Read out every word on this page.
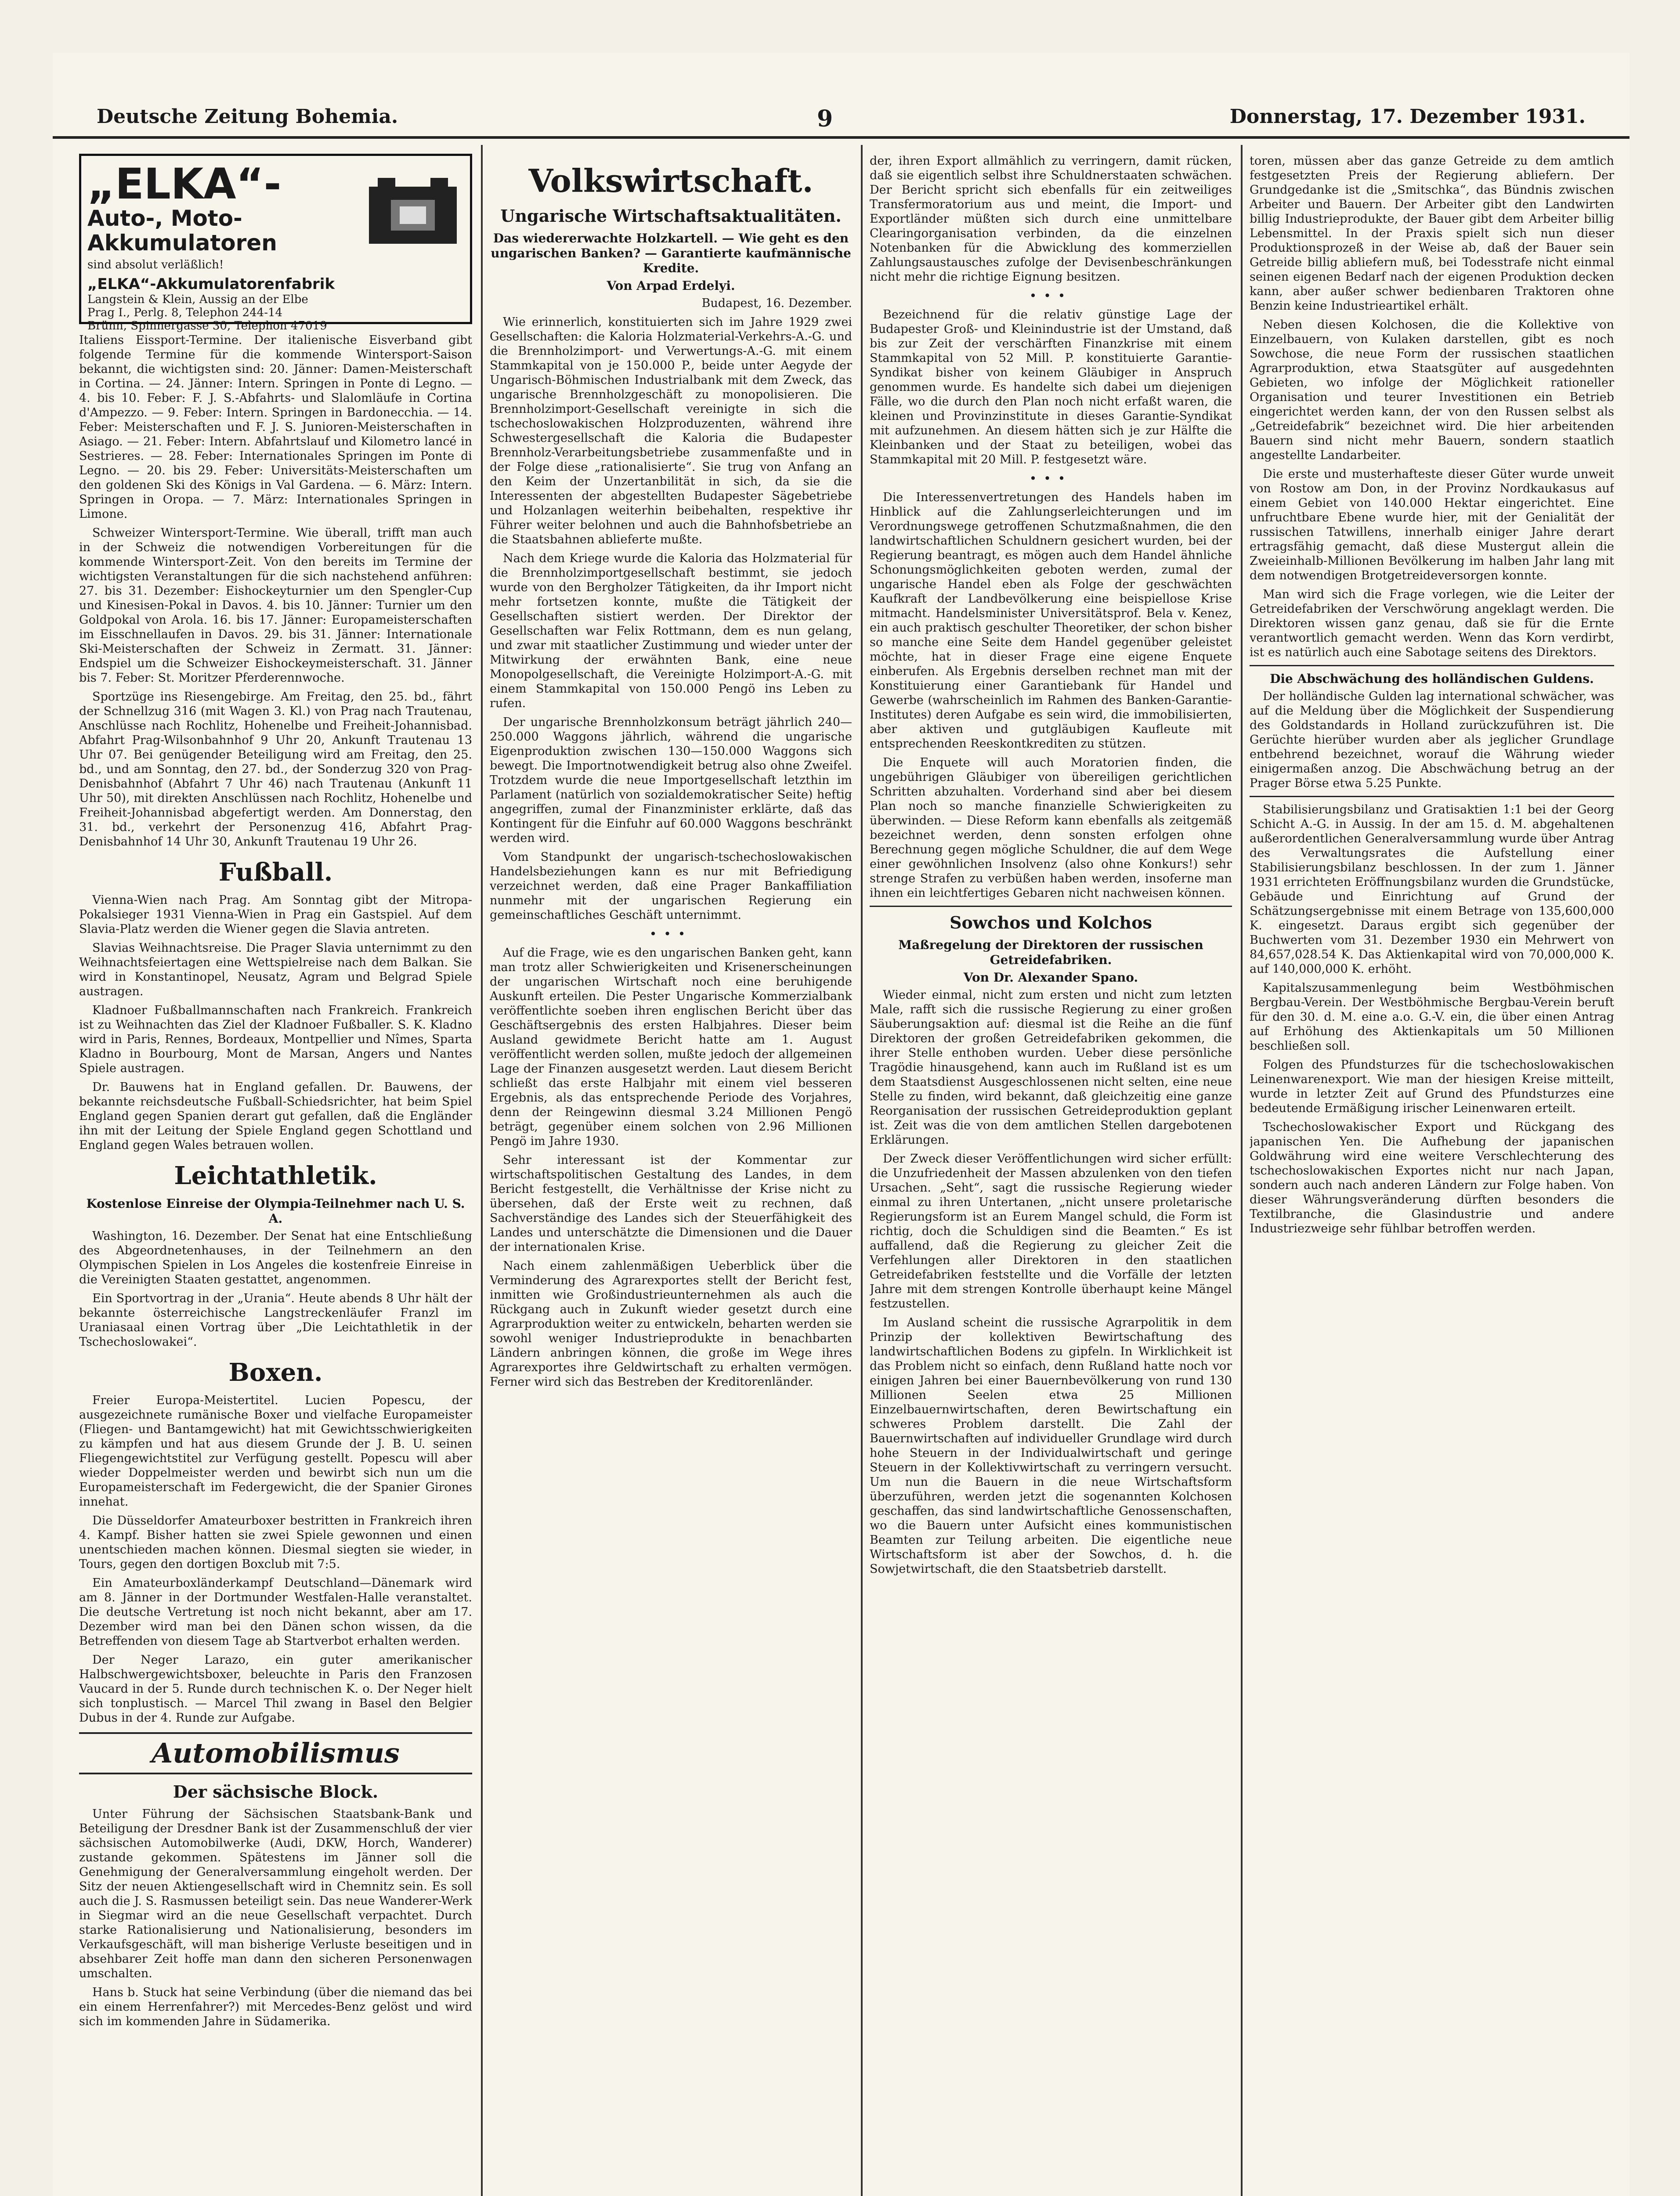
Deutsche Zeitung Bohemia.	9	Donnerstag, 17. Dezember 1931.
„ELKA“-
Auto-, Moto-
Akkumulatoren
sind absolut verläßlich!
„ELKA“-Akkumulatorenfabrik
Langstein & Klein, Aussig an der Elbe
Prag I., Perlg. 8, Telephon 244-14
Brünn, Spinnergasse 30, Telephon 47019

Italiens Eissport-Termine. Der italienische Eisverband gibt folgende Termine für die kommende Wintersport-Saison bekannt, die wichtigsten sind: 20. Jänner: Damen-Meisterschaft in Cortina. — 24. Jänner: Intern. Springen in Ponte di Legno. — 4. bis 10. Feber: F. J. S.-Abfahrts- und Slalomläufe in Cortina d'Ampezzo. — 9. Feber: Intern. Springen in Bardonecchia. — 14. Feber: Meisterschaften und F. J. S. Junioren-Meisterschaften in Asiago. — 21. Feber: Intern. Abfahrtslauf und Kilometro lancé in Sestrieres. — 28. Feber: Internationales Springen im Ponte di Legno. — 20. bis 29. Feber: Universitäts-Meisterschaften um den goldenen Ski des Königs in Val Gardena. — 6. März: Intern. Springen in Oropa. — 7. März: Internationales Springen in Limone.

Schweizer Wintersport-Termine. Wie überall, trifft man auch in der Schweiz die notwendigen Vorbereitungen für die kommende Wintersport-Zeit. Von den bereits im Termine der wichtigsten Veranstaltungen für die sich nachstehend anführen: 27. bis 31. Dezember: Eishockeyturnier um den Spengler-Cup und Kinesisen-Pokal in Davos. 4. bis 10. Jänner: Turnier um den Goldpokal von Arola. 16. bis 17. Jänner: Europameisterschaften im Eisschnellaufen in Davos. 29. bis 31. Jänner: Internationale Ski-Meisterschaften der Schweiz in Zermatt. 31. Jänner: Endspiel um die Schweizer Eishockeymeisterschaft. 31. Jänner bis 7. Feber: St. Moritzer Pferderennwoche.

Sportzüge ins Riesengebirge. Am Freitag, den 25. bd., fährt der Schnellzug 316 (mit Wagen 3. Kl.) von Prag nach Trautenau, Anschlüsse nach Rochlitz, Hohenelbe und Freiheit-Johannisbad. Abfahrt Prag-Wilsonbahnhof 9 Uhr 20, Ankunft Trautenau 13 Uhr 07. Bei genügender Beteiligung wird am Freitag, den 25. bd., und am Sonntag, den 27. bd., der Sonderzug 320 von Prag-Denisbahnhof (Abfahrt 7 Uhr 46) nach Trautenau (Ankunft 11 Uhr 50), mit direkten Anschlüssen nach Rochlitz, Hohenelbe und Freiheit-Johannisbad abgefertigt werden. Am Donnerstag, den 31. bd., verkehrt der Personenzug 416, Abfahrt Prag-Denisbahnhof 14 Uhr 30, Ankunft Trautenau 19 Uhr 26.

Fußball.

Vienna-Wien nach Prag. Am Sonntag gibt der Mitropa-Pokalsieger 1931 Vienna-Wien in Prag ein Gastspiel. Auf dem Slavia-Platz werden die Wiener gegen die Slavia antreten.

Slavias Weihnachtsreise. Die Prager Slavia unternimmt zu den Weihnachtsfeiertagen eine Wettspielreise nach dem Balkan. Sie wird in Konstantinopel, Neusatz, Agram und Belgrad Spiele austragen.

Kladnoer Fußballmannschaften nach Frankreich. Frankreich ist zu Weihnachten das Ziel der Kladnoer Fußballer. S. K. Kladno wird in Paris, Rennes, Bordeaux, Montpellier und Nîmes, Sparta Kladno in Bourbourg, Mont de Marsan, Angers und Nantes Spiele austragen.

Dr. Bauwens hat in England gefallen. Dr. Bauwens, der bekannte reichsdeutsche Fußball-Schiedsrichter, hat beim Spiel England gegen Spanien derart gut gefallen, daß die Engländer ihn mit der Leitung der Spiele England gegen Schottland und England gegen Wales betrauen wollen.

Leichtathletik.
Kostenlose Einreise der Olympia-Teilnehmer nach U. S. A.

Washington, 16. Dezember. Der Senat hat eine Entschließung des Abgeordnetenhauses, in der Teilnehmern an den Olympischen Spielen in Los Angeles die kostenfreie Einreise in die Vereinigten Staaten gestattet, angenommen.

Ein Sportvortrag in der „Urania“. Heute abends 8 Uhr hält der bekannte österreichische Langstreckenläufer Franzl im Uraniasaal einen Vortrag über „Die Leichtathletik in der Tschechoslowakei“.

Boxen.

Freier Europa-Meistertitel. Lucien Popescu, der ausgezeichnete rumänische Boxer und vielfache Europameister (Fliegen- und Bantamgewicht) hat mit Gewichtsschwierigkeiten zu kämpfen und hat aus diesem Grunde der J. B. U. seinen Fliegengewichtstitel zur Verfügung gestellt. Popescu will aber wieder Doppelmeister werden und bewirbt sich nun um die Europameisterschaft im Federgewicht, die der Spanier Girones innehat.

Die Düsseldorfer Amateurboxer bestritten in Frankreich ihren 4. Kampf. Bisher hatten sie zwei Spiele gewonnen und einen unentschieden machen können. Diesmal siegten sie wieder, in Tours, gegen den dortigen Boxclub mit 7:5.

Ein Amateurboxländerkampf Deutschland—Dänemark wird am 8. Jänner in der Dortmunder Westfalen-Halle veranstaltet. Die deutsche Vertretung ist noch nicht bekannt, aber am 17. Dezember wird man bei den Dänen schon wissen, da die Betreffenden von diesem Tage ab Startverbot erhalten werden.

Der Neger Larazo, ein guter amerikanischer Halbschwergewichtsboxer, beleuchte in Paris den Franzosen Vaucard in der 5. Runde durch technischen K. o. Der Neger hielt sich tonplustisch. — Marcel Thil zwang in Basel den Belgier Dubus in der 4. Runde zur Aufgabe.

Automobilismus
Der sächsische Block.

Unter Führung der Sächsischen Staatsbank-Bank und Beteiligung der Dresdner Bank ist der Zusammenschluß der vier sächsischen Automobilwerke (Audi, DKW, Horch, Wanderer) zustande gekommen. Spätestens im Jänner soll die Genehmigung der Generalversammlung eingeholt werden. Der Sitz der neuen Aktiengesellschaft wird in Chemnitz sein. Es soll auch die J. S. Rasmussen beteiligt sein. Das neue Wanderer-Werk in Siegmar wird an die neue Gesellschaft verpachtet. Durch starke Rationalisierung und Nationalisierung, besonders im Verkaufsgeschäft, will man bisherige Verluste beseitigen und in absehbarer Zeit hoffe man dann den sicheren Personenwagen umschalten.

Hans b. Stuck hat seine Verbindung (über die niemand das bei ein einem Herrenfahrer?) mit Mercedes-Benz gelöst und wird sich im kommenden Jahre in Südamerika.

Volkswirtschaft.
Ungarische Wirtschaftsaktualitäten.
Das wiedererwachte Holzkartell. — Wie geht es den ungarischen Banken? — Garantierte kaufmännische Kredite.
Von Arpad Erdelyi.

Budapest, 16. Dezember.

Wie erinnerlich, konstituierten sich im Jahre 1929 zwei Gesellschaften: die Kaloria Holzmaterial-Verkehrs-A.-G. und die Brennholzimport- und Verwertungs-A.-G. mit einem Stammkapital von je 150.000 P., beide unter Aegyde der Ungarisch-Böhmischen Industrialbank mit dem Zweck, das ungarische Brennholzgeschäft zu monopolisieren. Die Brennholzimport-Gesellschaft vereinigte in sich die tschechoslowakischen Holzproduzenten, während ihre Schwestergesellschaft die Kaloria die Budapester Brennholz-Verarbeitungsbetriebe zusammenfaßte und in der Folge diese „rationalisierte“. Sie trug von Anfang an den Keim der Unzertanbilität in sich, da sie die Interessenten der abgestellten Budapester Sägebetriebe und Holzanlagen weiterhin beibehalten, respektive ihr Führer weiter belohnen und auch die Bahnhofsbetriebe an die Staatsbahnen ablieferte mußte.

Nach dem Kriege wurde die Kaloria das Holzmaterial für die Brennholzimportgesellschaft bestimmt, sie jedoch wurde von den Bergholzer Tätigkeiten, da ihr Import nicht mehr fortsetzen konnte, mußte die Tätigkeit der Gesellschaften sistiert werden. Der Direktor der Gesellschaften war Felix Rottmann, dem es nun gelang, und zwar mit staatlicher Zustimmung und wieder unter der Mitwirkung der erwähnten Bank, eine neue Monopolgesellschaft, die Vereinigte Holzimport-A.-G. mit einem Stammkapital von 150.000 Pengö ins Leben zu rufen.

Der ungarische Brennholzkonsum beträgt jährlich 240—250.000 Waggons jährlich, während die ungarische Eigenproduktion zwischen 130—150.000 Waggons sich bewegt. Die Importnotwendigkeit betrug also ohne Zweifel. Trotzdem wurde die neue Importgesellschaft letzthin im Parlament (natürlich von sozialdemokratischer Seite) heftig angegriffen, zumal der Finanzminister erklärte, daß das Kontingent für die Einfuhr auf 60.000 Waggons beschränkt werden wird.

Vom Standpunkt der ungarisch-tschechoslowakischen Handelsbeziehungen kann es nur mit Befriedigung verzeichnet werden, daß eine Prager Bankaffiliation nunmehr mit der ungarischen Regierung ein gemeinschaftliches Geschäft unternimmt.

•••

Auf die Frage, wie es den ungarischen Banken geht, kann man trotz aller Schwierigkeiten und Krisenerscheinungen der ungarischen Wirtschaft noch eine beruhigende Auskunft erteilen. Die Pester Ungarische Kommerzialbank veröffentlichte soeben ihren englischen Bericht über das Geschäftsergebnis des ersten Halbjahres. Dieser beim Ausland gewidmete Bericht hatte am 1. August veröffentlicht werden sollen, mußte jedoch der allgemeinen Lage der Finanzen ausgesetzt werden. Laut diesem Bericht schließt das erste Halbjahr mit einem viel besseren Ergebnis, als das entsprechende Periode des Vorjahres, denn der Reingewinn diesmal 3.24 Millionen Pengö beträgt, gegenüber einem solchen von 2.96 Millionen Pengö im Jahre 1930.

Sehr interessant ist der Kommentar zur wirtschaftspolitischen Gestaltung des Landes, in dem Bericht festgestellt, die Verhältnisse der Krise nicht zu übersehen, daß der Erste weit zu rechnen, daß Sachverständige des Landes sich der Steuerfähigkeit des Landes und unterschätzte die Dimensionen und die Dauer der internationalen Krise.

Nach einem zahlenmäßigen Ueberblick über die Verminderung des Agrarexportes stellt der Bericht fest, inmitten wie Großindustrieunternehmen als auch die Rückgang auch in Zukunft wieder gesetzt durch eine Agrarproduktion weiter zu entwickeln, beharten werden sie sowohl weniger Industrieprodukte in benachbarten Ländern anbringen können, die große im Wege ihres Agrarexportes ihre Geldwirtschaft zu erhalten vermögen. Ferner wird sich das Bestreben der Kreditorenländer.

der, ihren Export allmählich zu verringern, damit rücken, daß sie eigentlich selbst ihre Schuldnerstaaten schwächen. Der Bericht spricht sich ebenfalls für ein zeitweiliges Transfermoratorium aus und meint, die Import- und Exportländer müßten sich durch eine unmittelbare Clearingorganisation verbinden, da die einzelnen Notenbanken für die Abwicklung des kommerziellen Zahlungsaustausches zufolge der Devisenbeschränkungen nicht mehr die richtige Eignung besitzen.

•••

Bezeichnend für die relativ günstige Lage der Budapester Groß- und Kleinindustrie ist der Umstand, daß bis zur Zeit der verschärften Finanzkrise mit einem Stammkapital von 52 Mill. P. konstituierte Garantie-Syndikat bisher von keinem Gläubiger in Anspruch genommen wurde. Es handelte sich dabei um diejenigen Fälle, wo die durch den Plan noch nicht erfaßt waren, die kleinen und Provinzinstitute in dieses Garantie-Syndikat mit aufzunehmen. An diesem hätten sich je zur Hälfte die Kleinbanken und der Staat zu beteiligen, wobei das Stammkapital mit 20 Mill. P. festgesetzt wäre.

•••

Die Interessenvertretungen des Handels haben im Hinblick auf die Zahlungserleichterungen und im Verordnungswege getroffenen Schutzmaßnahmen, die den landwirtschaftlichen Schuldnern gesichert wurden, bei der Regierung beantragt, es mögen auch dem Handel ähnliche Schonungsmöglichkeiten geboten werden, zumal der ungarische Handel eben als Folge der geschwächten Kaufkraft der Landbevölkerung eine beispiellose Krise mitmacht. Handelsminister Universitätsprof. Bela v. Kenez, ein auch praktisch geschulter Theoretiker, der schon bisher so manche eine Seite dem Handel gegenüber geleistet möchte, hat in dieser Frage eine eigene Enquete einberufen. Als Ergebnis derselben rechnet man mit der Konstituierung einer Garantiebank für Handel und Gewerbe (wahrscheinlich im Rahmen des Banken-Garantie-Institutes) deren Aufgabe es sein wird, die immobilisierten, aber aktiven und gutgläubigen Kaufleute mit entsprechenden Reeskontkrediten zu stützen.

Die Enquete will auch Moratorien finden, die ungebührigen Gläubiger von übereiligen gerichtlichen Schritten abzuhalten. Vorderhand sind aber bei diesem Plan noch so manche finanzielle Schwierigkeiten zu überwinden. — Diese Reform kann ebenfalls als zeitgemäß bezeichnet werden, denn sonsten erfolgen ohne Berechnung gegen mögliche Schuldner, die auf dem Wege einer gewöhnlichen Insolvenz (also ohne Konkurs!) sehr strenge Strafen zu verbüßen haben werden, insoferne man ihnen ein leichtfertiges Gebaren nicht nachweisen können.

Sowchos und Kolchos
Maßregelung der Direktoren der russischen Getreidefabriken.
Von Dr. Alexander Spano.

Wieder einmal, nicht zum ersten und nicht zum letzten Male, rafft sich die russische Regierung zu einer großen Säuberungsaktion auf: diesmal ist die Reihe an die fünf Direktoren der großen Getreidefabriken gekommen, die ihrer Stelle enthoben wurden. Ueber diese persönliche Tragödie hinausgehend, kann auch im Rußland ist es um dem Staatsdienst Ausgeschlossenen nicht selten, eine neue Stelle zu finden, wird bekannt, daß gleichzeitig eine ganze Reorganisation der russischen Getreideproduktion geplant ist. Zeit was die von dem amtlichen Stellen dargebotenen Erklärungen.

Der Zweck dieser Veröffentlichungen wird sicher erfüllt: die Unzufriedenheit der Massen abzulenken von den tiefen Ursachen. „Seht“, sagt die russische Regierung wieder einmal zu ihren Untertanen, „nicht unsere proletarische Regierungsform ist an Eurem Mangel schuld, die Form ist richtig, doch die Schuldigen sind die Beamten.“ Es ist auffallend, daß die Regierung zu gleicher Zeit die Verfehlungen aller Direktoren in den staatlichen Getreidefabriken feststellte und die Vorfälle der letzten Jahre mit dem strengen Kontrolle überhaupt keine Mängel festzustellen.

Im Ausland scheint die russische Agrarpolitik in dem Prinzip der kollektiven Bewirtschaftung des landwirtschaftlichen Bodens zu gipfeln. In Wirklichkeit ist das Problem nicht so einfach, denn Rußland hatte noch vor einigen Jahren bei einer Bauernbevölkerung von rund 130 Millionen Seelen etwa 25 Millionen Einzelbauernwirtschaften, deren Bewirtschaftung ein schweres Problem darstellt. Die Zahl der Bauernwirtschaften auf individueller Grundlage wird durch hohe Steuern in der Individualwirtschaft und geringe Steuern in der Kollektivwirtschaft zu verringern versucht. Um nun die Bauern in die neue Wirtschaftsform überzuführen, werden jetzt die sogenannten Kolchosen geschaffen, das sind landwirtschaftliche Genossenschaften, wo die Bauern unter Aufsicht eines kommunistischen Beamten zur Teilung arbeiten. Die eigentliche neue Wirtschaftsform ist aber der Sowchos, d. h. die Sowjetwirtschaft, die den Staatsbetrieb darstellt.

toren, müssen aber das ganze Getreide zu dem amtlich festgesetzten Preis der Regierung abliefern. Der Grundgedanke ist die „Smitschka“, das Bündnis zwischen Arbeiter und Bauern. Der Arbeiter gibt den Landwirten billig Industrieprodukte, der Bauer gibt dem Arbeiter billig Lebensmittel. In der Praxis spielt sich nun dieser Produktionsprozeß in der Weise ab, daß der Bauer sein Getreide billig abliefern muß, bei Todesstrafe nicht einmal seinen eigenen Bedarf nach der eigenen Produktion decken kann, aber außer schwer bedienbaren Traktoren ohne Benzin keine Industrieartikel erhält.

Neben diesen Kolchosen, die die Kollektive von Einzelbauern, von Kulaken darstellen, gibt es noch Sowchose, die neue Form der russischen staatlichen Agrarproduktion, etwa Staatsgüter auf ausgedehnten Gebieten, wo infolge der Möglichkeit rationeller Organisation und teurer Investitionen ein Betrieb eingerichtet werden kann, der von den Russen selbst als „Getreidefabrik“ bezeichnet wird. Die hier arbeitenden Bauern sind nicht mehr Bauern, sondern staatlich angestellte Landarbeiter.

Die erste und musterhafteste dieser Güter wurde unweit von Rostow am Don, in der Provinz Nordkaukasus auf einem Gebiet von 140.000 Hektar eingerichtet. Eine unfruchtbare Ebene wurde hier, mit der Genialität der russischen Tatwillens, innerhalb einiger Jahre derart ertragsfähig gemacht, daß diese Mustergut allein die Zweieinhalb-Millionen Bevölkerung im halben Jahr lang mit dem notwendigen Brotgetreideversorgen konnte.

Man wird sich die Frage vorlegen, wie die Leiter der Getreidefabriken der Verschwörung angeklagt werden. Die Direktoren wissen ganz genau, daß sie für die Ernte verantwortlich gemacht werden. Wenn das Korn verdirbt, ist es natürlich auch eine Sabotage seitens des Direktors.

Die Abschwächung des holländischen Guldens.

Der holländische Gulden lag international schwächer, was auf die Meldung über die Möglichkeit der Suspendierung des Goldstandards in Holland zurückzuführen ist. Die Gerüchte hierüber wurden aber als jeglicher Grundlage entbehrend bezeichnet, worauf die Währung wieder einigermaßen anzog. Die Abschwächung betrug an der Prager Börse etwa 5.25 Punkte.

Stabilisierungsbilanz und Gratisaktien 1:1 bei der Georg Schicht A.-G. in Aussig. In der am 15. d. M. abgehaltenen außerordentlichen Generalversammlung wurde über Antrag des Verwaltungsrates die Aufstellung einer Stabilisierungsbilanz beschlossen. In der zum 1. Jänner 1931 errichteten Eröffnungsbilanz wurden die Grundstücke, Gebäude und Einrichtung auf Grund der Schätzungsergebnisse mit einem Betrage von 135,600,000 K. eingesetzt. Daraus ergibt sich gegenüber der Buchwerten vom 31. Dezember 1930 ein Mehrwert von 84,657,028.54 K. Das Aktienkapital wird von 70,000,000 K. auf 140,000,000 K. erhöht.

Kapitalszusammenlegung beim Westböhmischen Bergbau-Verein. Der Westböhmische Bergbau-Verein beruft für den 30. d. M. eine a.o. G.-V. ein, die über einen Antrag auf Erhöhung des Aktienkapitals um 50 Millionen beschließen soll.

Folgen des Pfundsturzes für die tschechoslowakischen Leinenwarenexport. Wie man der hiesigen Kreise mitteilt, wurde in letzter Zeit auf Grund des Pfundsturzes eine bedeutende Ermäßigung irischer Leinenwaren erteilt.

Tschechoslowakischer Export und Rückgang des japanischen Yen. Die Aufhebung der japanischen Goldwährung wird eine weitere Verschlechterung des tschechoslowakischen Exportes nicht nur nach Japan, sondern auch nach anderen Ländern zur Folge haben. Von dieser Währungsveränderung dürften besonders die Textilbranche, die Glasindustrie und andere Industriezweige sehr fühlbar betroffen werden.
